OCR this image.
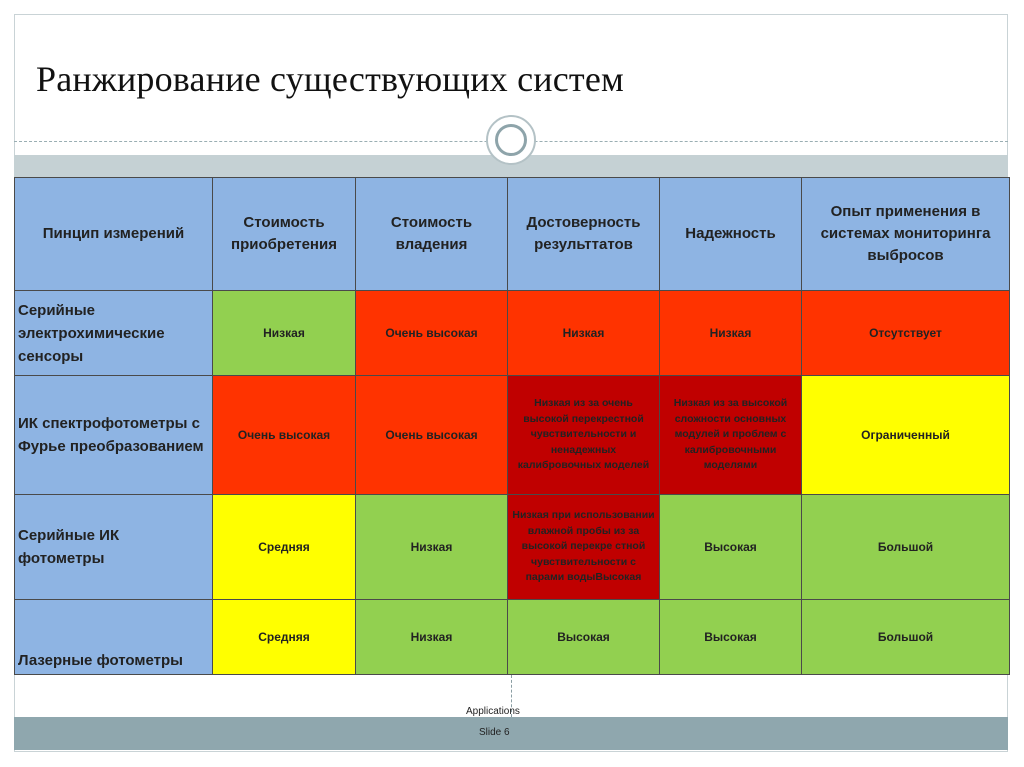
Ранжирование существующих систем
Пинцип измерений	Стоимость приобретения	Стоимость владения	Достоверность результтатов	Надежность	Опыт применения в системах мониторинга выбросов
Серийные электрохимические сенсоры	Низкая	Очень высокая	Низкая	Низкая	Отсутствует
ИК спектрофотометры с Фурье преобразованием	Очень высокая	Очень высокая	Низкая из за очень высокой перекрестной чувствительности и ненадежных калибровочных моделей	Низкая из за высокой сложности основных модулей и проблем с калибровочными моделями	Ограниченный
Серийные ИК фотометры	Средняя	Низкая	Низкая при использовании влажной пробы из за высокой перекре стной чувствительности с парами водыВысокая	Высокая	Большой
Лазерные фотометры	Средняя	Низкая	Высокая	Высокая	Большой
Applications
Slide 6
